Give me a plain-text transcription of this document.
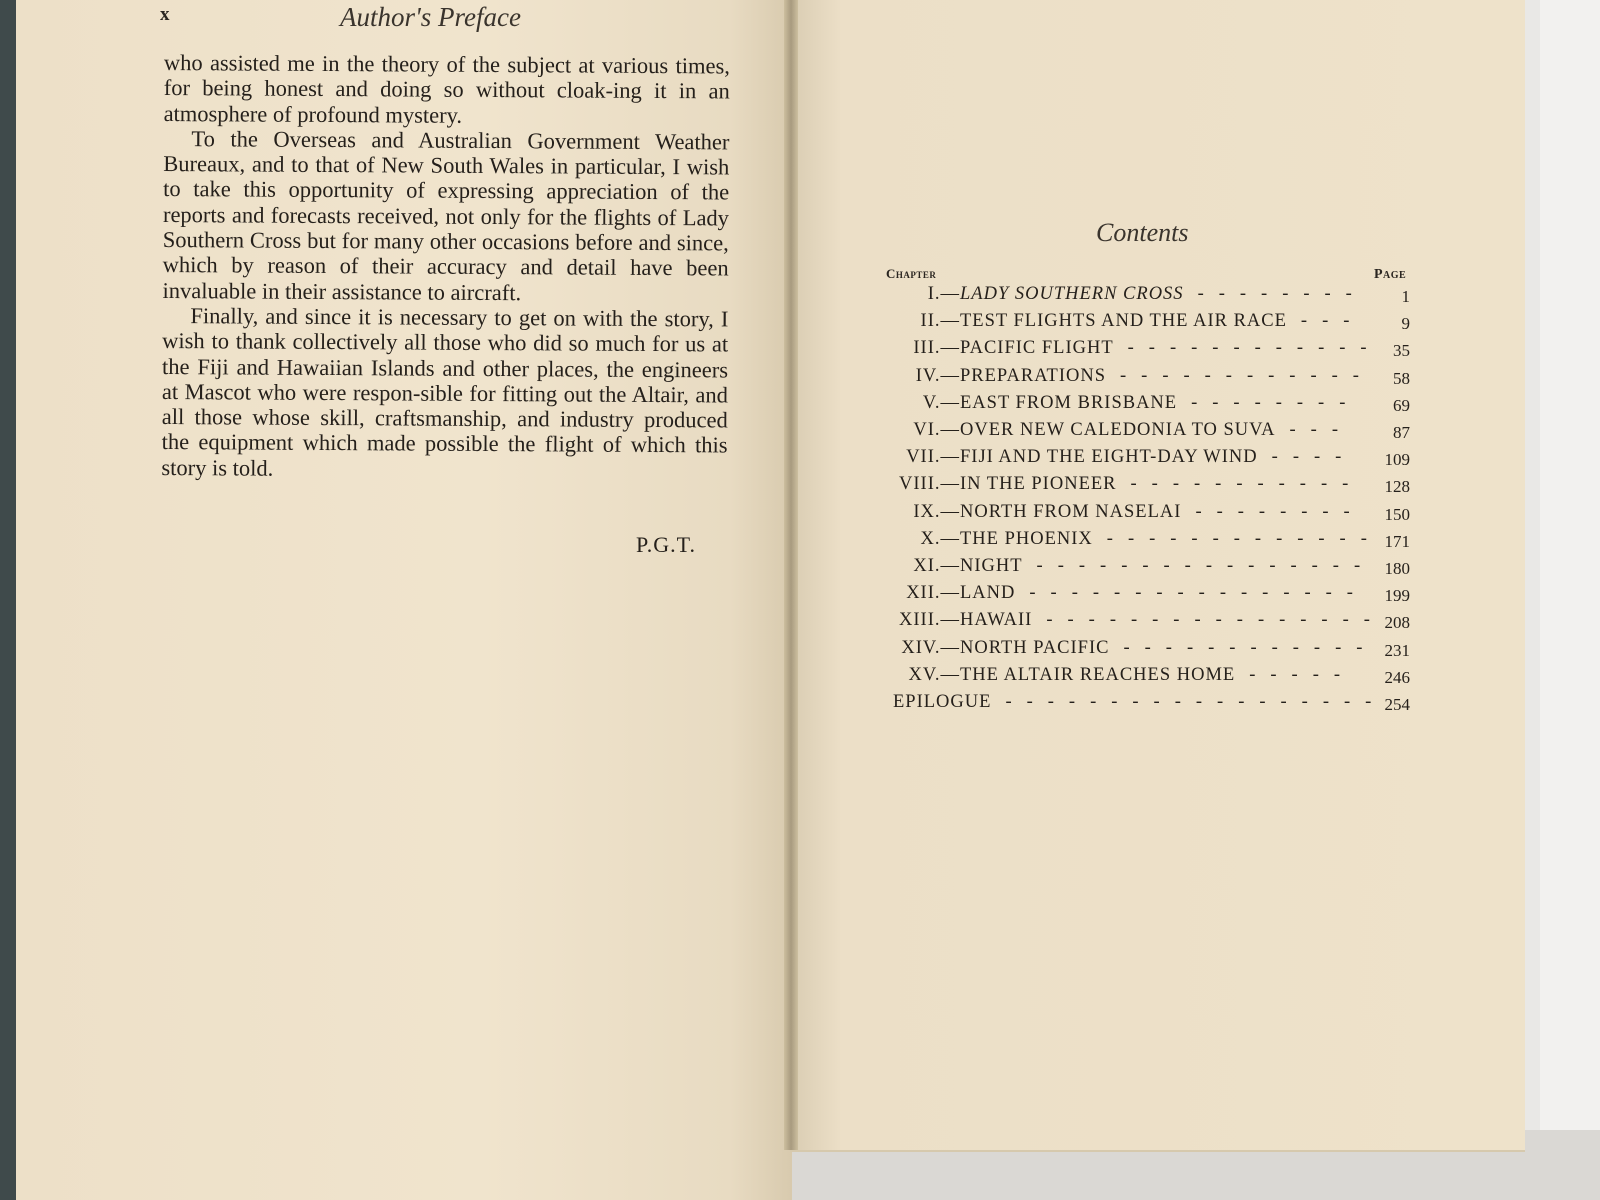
x	Author's Preface

who assisted me in the theory of the subject at various times, for being honest and doing so without cloak-ing it in an atmosphere of profound mystery.

To the Overseas and Australian Government Weather Bureaux, and to that of New South Wales in particular, I wish to take this opportunity of expressing appreciation of the reports and forecasts received, not only for the flights of Lady Southern Cross but for many other occasions before and since, which by reason of their accuracy and detail have been invaluable in their assistance to aircraft.

Finally, and since it is necessary to get on with the story, I wish to thank collectively all those who did so much for us at the Fiji and Hawaiian Islands and other places, the engineers at Mascot who were respon-sible for fitting out the Altair, and all those whose skill, craftsmanship, and industry produced the equipment which made possible the flight of which this story is told.

P.G.T.
Contents
Chapter	Page
I.—LADY SOUTHERN CROSS -------- 1
II.—TEST FLIGHTS AND THE AIR RACE --- 9
III.—PACIFIC FLIGHT ------------ 35
IV.—PREPARATIONS ------------ 58
V.—EAST FROM BRISBANE -------- 69
VI.—OVER NEW CALEDONIA TO SUVA --- 87
VII.—FIJI AND THE EIGHT-DAY WIND ---- 109
VIII.—IN THE PIONEER ----------- 128
IX.—NORTH FROM NASELAI -------- 150
X.—THE PHOENIX ------------- 171
XI.—NIGHT ---------------- 180
XII.—LAND ---------------- 199
XIII.—HAWAII ---------------- 208
XIV.—NORTH PACIFIC ------------ 231
XV.—THE ALTAIR REACHES HOME ----- 246
EPILOGUE ------------------
254
